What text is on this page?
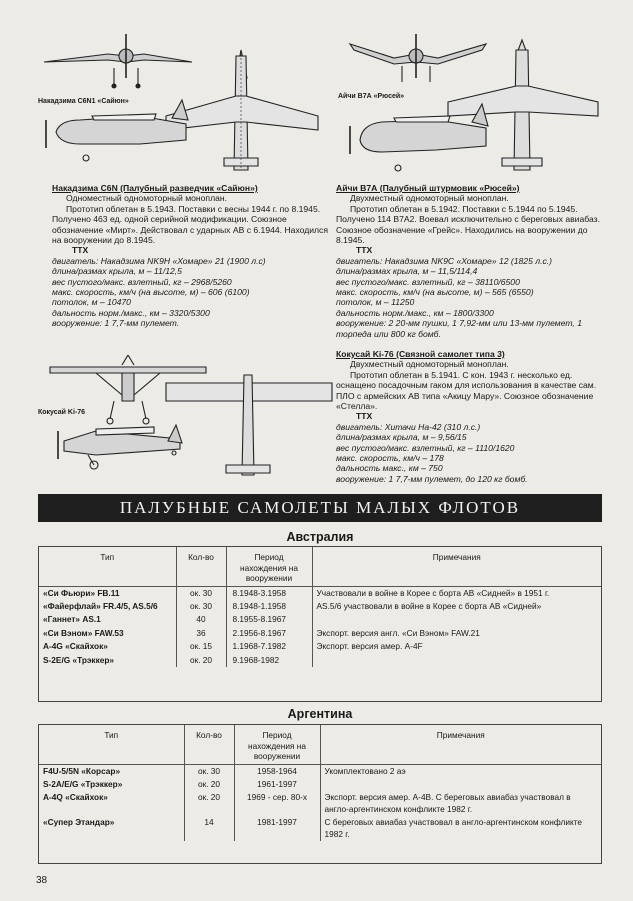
Накадзима С6N1 «Сайюн»
Айчи В7А «Рюсей»
Кокусай Ki-76

Накадзима С6N (Палубный разведчик «Сайюн»)

Одноместный одномоторный моноплан.

Прототип облетан в 5.1943. Поставки с весны 1944 г. по 8.1945. Получено 463 ед. одной серийной модификации. Союзное обозначение «Мирт». Действовал с ударных АВ с 6.1944. Находился на вооружении до 8.1945.

ТТХ

двигатель: Накадзима NK9H «Хомаре» 21 (1900 л.с)

длина/размах крыла, м – 11/12,5

вес пустого/макс. взлетный, кг – 2968/5260

макс. скорость, км/ч (на высоте, м) – 606 (6100)

потолок, м – 10470

дальность норм./макс., км – 3320/5300

вооружение: 1 7,7-мм пулемет.

Айчи В7А (Палубный штурмовик «Рюсей»)

Двухместный одномоторный моноплан.

Прототип облетан в 5.1942. Поставки с 5.1944 по 5.1945. Получено 114 В7А2. Воевал исключительно с береговых авиабаз. Союзное обозначение «Грейс». Находились на вооружении до 8.1945.

ТТХ

двигатель: Накадзима NK9C «Хомаре» 12 (1825 л.с.)

длина/размах крыла, м – 11,5/114,4

вес пустого/макс. взлетный, кг – 38110/6500

макс. скорость, км/ч (на высоте, м) – 565 (6550)

потолок, м – 11250

дальность норм./макс., км – 1800/3300

вооружение: 2 20-мм пушки, 1 7,92-мм или 13-мм пулемет, 1 торпеда или 800 кг бомб.

Кокусай Ki-76 (Связной самолет типа 3)

Двухместный одномоторный моноплан.

Прототип облетан в 5.1941. С кон. 1943 г. несколько ед. оснащено посадочным гаком для использования в качестве сам. ПЛО с армейских АВ типа «Акицу Мару». Союзное обозначение «Стелла».

ТТХ

двигатель: Хитачи Ha-42 (310 л.с.)

длина/размах крыла, м – 9,56/15

вес пустого/макс. взлетный, кг – 1110/1620

макс. скорость, км/ч – 178

дальность макс., км – 750

вооружение: 1 7,7-мм пулемет, до 120 кг бомб.

ПАЛУБНЫЕ САМОЛЕТЫ МАЛЫХ ФЛОТОВ
Австралия
Тип	Кол-во	Период нахождения на вооружении	Примечания
«Си Фьюри» FB.11	ок. 30	8.1948-3.1958	Участвовали в войне в Корее с борта АВ «Сидней» в 1951 г.
«Файерфлай» FR.4/5, AS.5/6	ок. 30	8.1948-1.1958	AS.5/6 участвовали в войне в Корее с борта АВ «Сидней»
«Ганнет» AS.1	40	8.1955-8.1967	
«Си Вэном» FAW.53	36	2.1956-8.1967	Экспорт. версия англ. «Си Вэном» FAW.21
A-4G «Скайхок»	ок. 15	1.1968-7.1982	Экспорт. версия амер. А-4F
S-2E/G «Трэккер»	ок. 20	9.1968-1982	
Аргентина
Тип	Кол-во	Период нахождения на вооружении	Примечания
F4U-5/5N «Корсар»	ок. 30	1958-1964	Укомплектовано 2 аэ
S-2A/E/G «Трэккер»	ок. 20	1961-1997	
A-4Q «Скайхок»	ок. 20	1969 - сер. 80-х	Экспорт. версия амер. А-4В. С береговых авиабаз участвовал в англо-аргентинском конфликте 1982 г.
«Супер Этандар»	14	1981-1997	С береговых авиабаз участвовал в англо-аргентинском конфликте 1982 г.
38
